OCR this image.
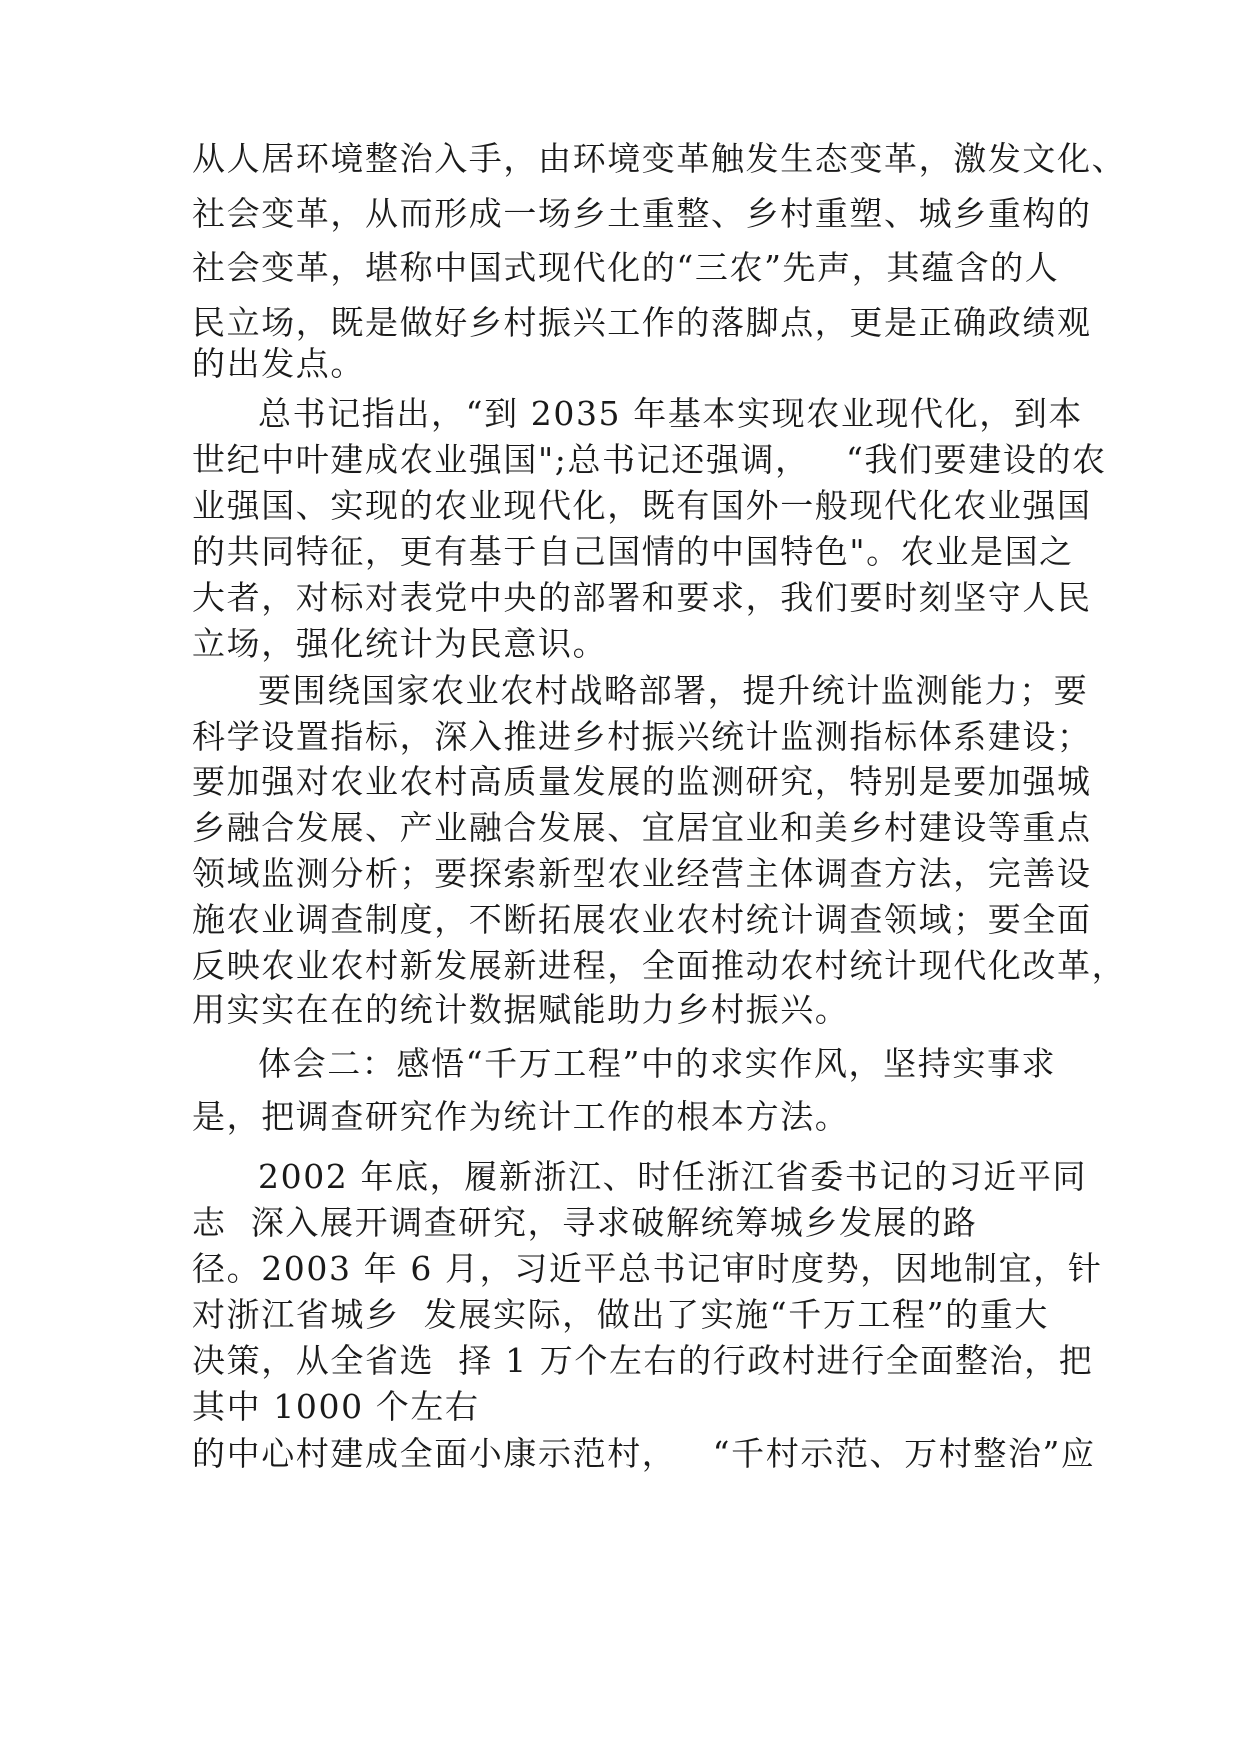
从人居环境整治入手，由环境变革触发生态变革，激发文化、

社会变革，从而形成一场乡土重整、乡村重塑、城乡重构的

社会变革，堪称中国式现代化的“三农”先声，其蕴含的人

民立场，既是做好乡村振兴工作的落脚点，更是正确政绩观

的出发点。

总书记指出，“到 2035 年基本实现农业现代化，到本

世纪中叶建成农业强国";总书记还强调，   “我们要建设的农

业强国、实现的农业现代化，既有国外一般现代化农业强国

的共同特征，更有基于自己国情的中国特色"。农业是国之

大者，对标对表党中央的部署和要求，我们要时刻坚守人民

立场，强化统计为民意识。

要围绕国家农业农村战略部署，提升统计监测能力；要

科学设置指标，深入推进乡村振兴统计监测指标体系建设；

要加强对农业农村高质量发展的监测研究，特别是要加强城

乡融合发展、产业融合发展、宜居宜业和美乡村建设等重点

领域监测分析；要探索新型农业经营主体调查方法，完善设

施农业调查制度，不断拓展农业农村统计调查领域；要全面

反映农业农村新发展新进程，全面推动农村统计现代化改革，

用实实在在的统计数据赋能助力乡村振兴。

体会二：感悟“千万工程”中的求实作风，坚持实事求

是，把调查研究作为统计工作的根本方法。

2002 年底，履新浙江、时任浙江省委书记的习近平同

志  深入展开调查研究，寻求破解统筹城乡发展的路

径。2003 年 6 月，习近平总书记审时度势，因地制宜，针

对浙江省城乡  发展实际，做出了实施“千万工程”的重大

决策，从全省选  择 1 万个左右的行政村进行全面整治，把

其中 1000 个左右

的中心村建成全面小康示范村，   “千村示范、万村整治”应
